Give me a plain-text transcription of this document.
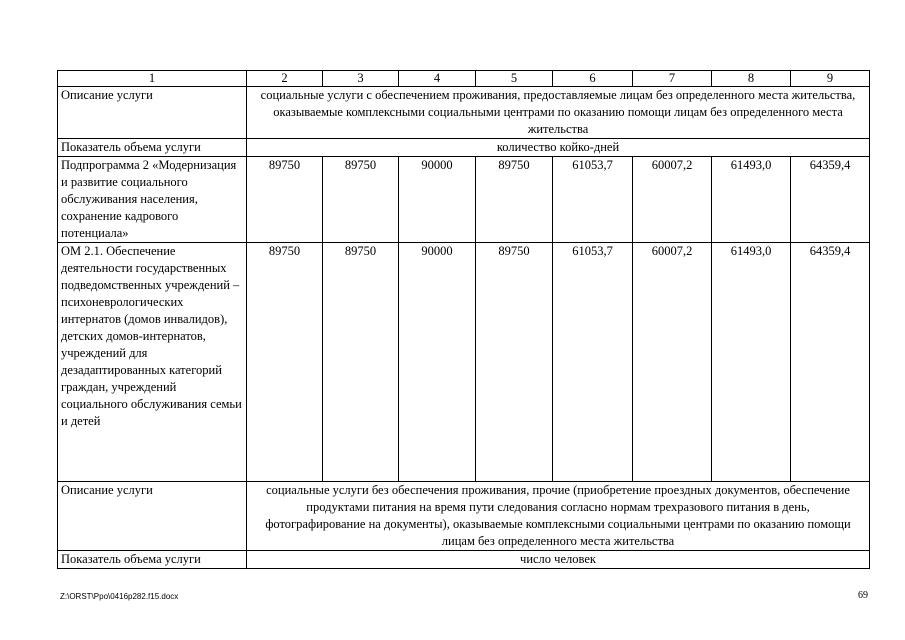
1	2	3	4	5	6	7	8	9
Описание услуги	социальные услуги с обеспечением проживания, предоставляемые лицам без определенного места жительства, оказываемые комплексными социальными центрами по оказанию помощи лицам без определенного места жительства							
Показатель объема услуги	количество койко-дней							
Подпрограмма 2 «Модернизация и развитие социального обслуживания населения, сохранение кадрового потенциала»	89750	89750	90000	89750	61053,7	60007,2	61493,0	64359,4
ОМ 2.1. Обеспечение деятельности государственных подведомственных учреждений – психоневрологических интернатов (домов инвалидов), детских домов-интернатов, учреждений для дезадаптированных категорий граждан, учреждений социального обслуживания семьи и детей	89750	89750	90000	89750	61053,7	60007,2	61493,0	64359,4
Описание услуги	социальные услуги без обеспечения проживания, прочие (приобретение проездных документов, обеспечение продуктами питания на время пути следования согласно нормам трехразового питания в день, фотографирование на документы), оказываемые комплексными социальными центрами по оказанию помощи лицам без определенного места жительства							
Показатель объема услуги	число человек							
Z:\ORST\Ppo\0416p282.f15.docx	69
